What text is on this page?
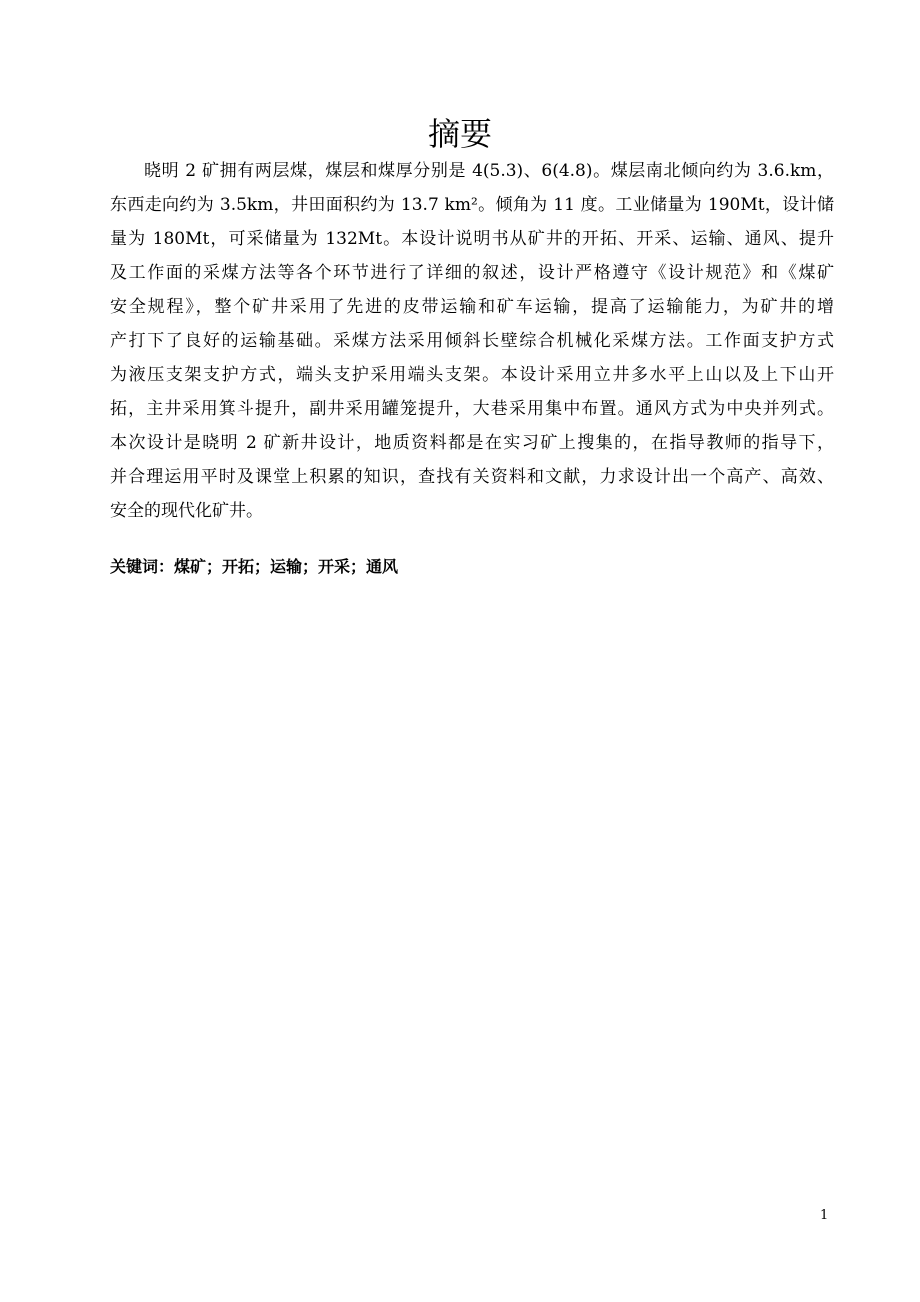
摘要
晓明 2 矿拥有两层煤，煤层和煤厚分别是 4(5.3)、6(4.8)。煤层南北倾向约为 3.6.km，
东西走向约为 3.5km，井田面积约为 13.7 km²。倾角为 11 度。工业储量为 190Mt，设计储
量为 180Mt，可采储量为 132Mt。本设计说明书从矿井的开拓、开采、运输、通风、提升
及工作面的采煤方法等各个环节进行了详细的叙述，设计严格遵守《设计规范》和《煤矿
安全规程》，整个矿井采用了先进的皮带运输和矿车运输，提高了运输能力，为矿井的增
产打下了良好的运输基础。采煤方法采用倾斜长壁综合机械化采煤方法。工作面支护方式
为液压支架支护方式，端头支护采用端头支架。本设计采用立井多水平上山以及上下山开
拓，主井采用箕斗提升，副井采用罐笼提升，大巷采用集中布置。通风方式为中央并列式。
本次设计是晓明 2 矿新井设计，地质资料都是在实习矿上搜集的，在指导教师的指导下，
并合理运用平时及课堂上积累的知识，查找有关资料和文献，力求设计出一个高产、高效、
安全的现代化矿井。
关键词：煤矿；开拓；运输；开采；通风
1
